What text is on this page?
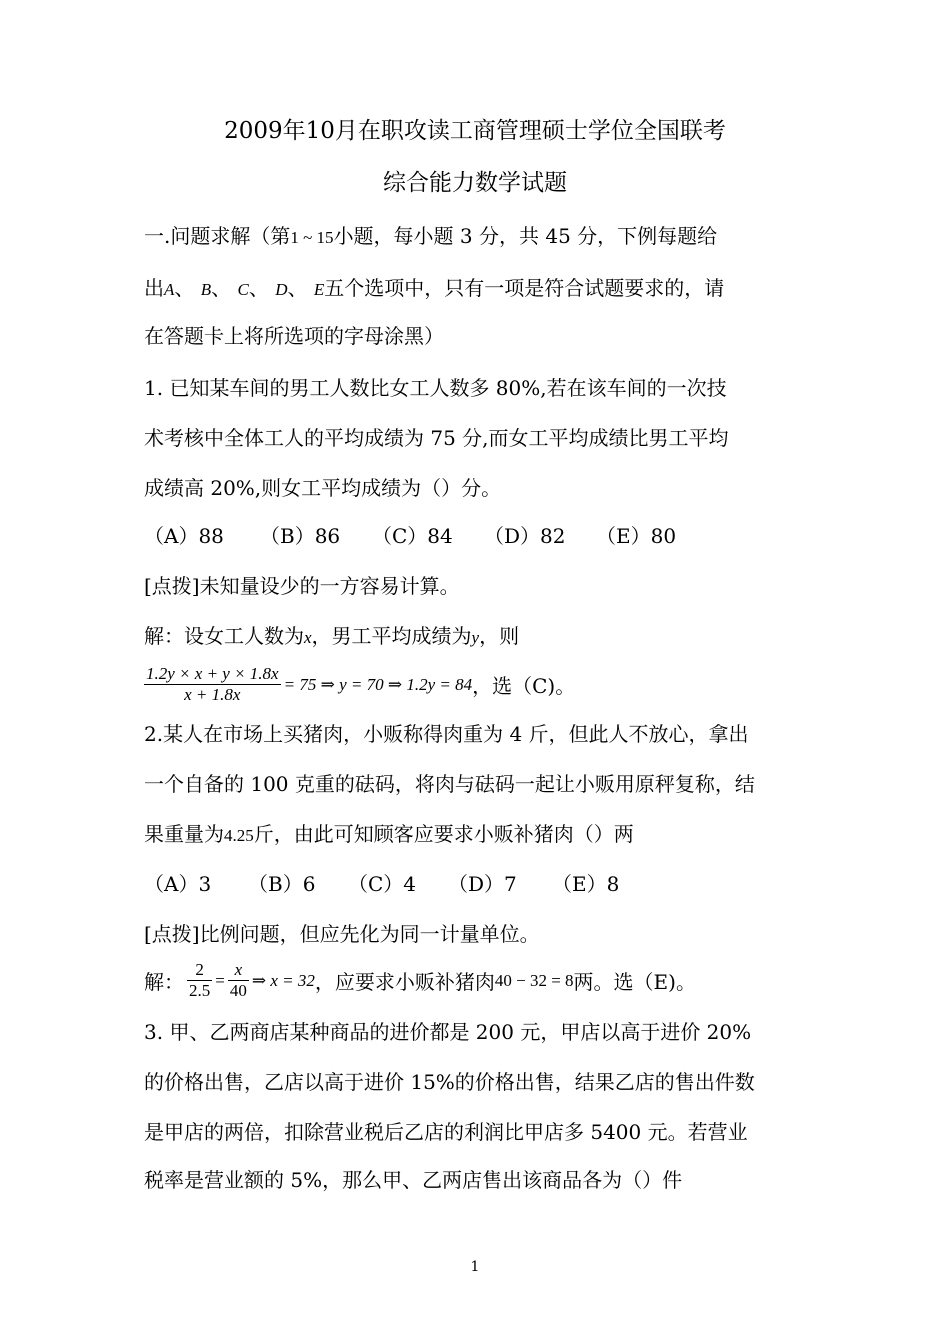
2009年10月在职攻读工商管理硕士学位全国联考
综合能力数学试题
一.问题求解（第1 ~ 15小题，每小题 3 分，共 45 分，下例每题给
出A、 B、 C、 D、 E五个选项中，只有一项是符合试题要求的，请
在答题卡上将所选项的字母涂黑）
1. 已知某车间的男工人数比女工人数多 80%,若在该车间的一次技
术考核中全体工人的平均成绩为 75 分,而女工平均成绩比男工平均
成绩高 20%,则女工平均成绩为（）分。
（A）88 （B）86 （C）84 （D）82 （E）80
[点拨]未知量设少的一方容易计算。
解：设女工人数为x，男工平均成绩为y，则
$\frac{1.2y \times x + y \times 1.8x}{x + 1.8x} = 75$ ⇒ y = 70 ⇒ 1.2y = 84 ，选（C)。
2.某人在市场上买猪肉，小贩称得肉重为 4 斤，但此人不放心，拿出
一个自备的 100 克重的砝码，将肉与砝码一起让小贩用原秤复称，结
果重量为4.25斤，由此可知顾客应要求小贩补猪肉（）两
（A）3 （B）6 （C）4 （D）7 （E）8
[点拨]比例问题，但应先化为同一计量单位。
解： $\frac{2}{2.5} = \frac{x}{40}$ ⇒ x = 32 ，应要求小贩补猪肉 40 − 32 = 8 两。选（E)。
3. 甲、乙两商店某种商品的进价都是 200 元，甲店以高于进价 20%
的价格出售，乙店以高于进价 15%的价格出售，结果乙店的售出件数
是甲店的两倍，扣除营业税后乙店的利润比甲店多 5400 元。若营业
税率是营业额的 5%，那么甲、乙两店售出该商品各为（）件
1
